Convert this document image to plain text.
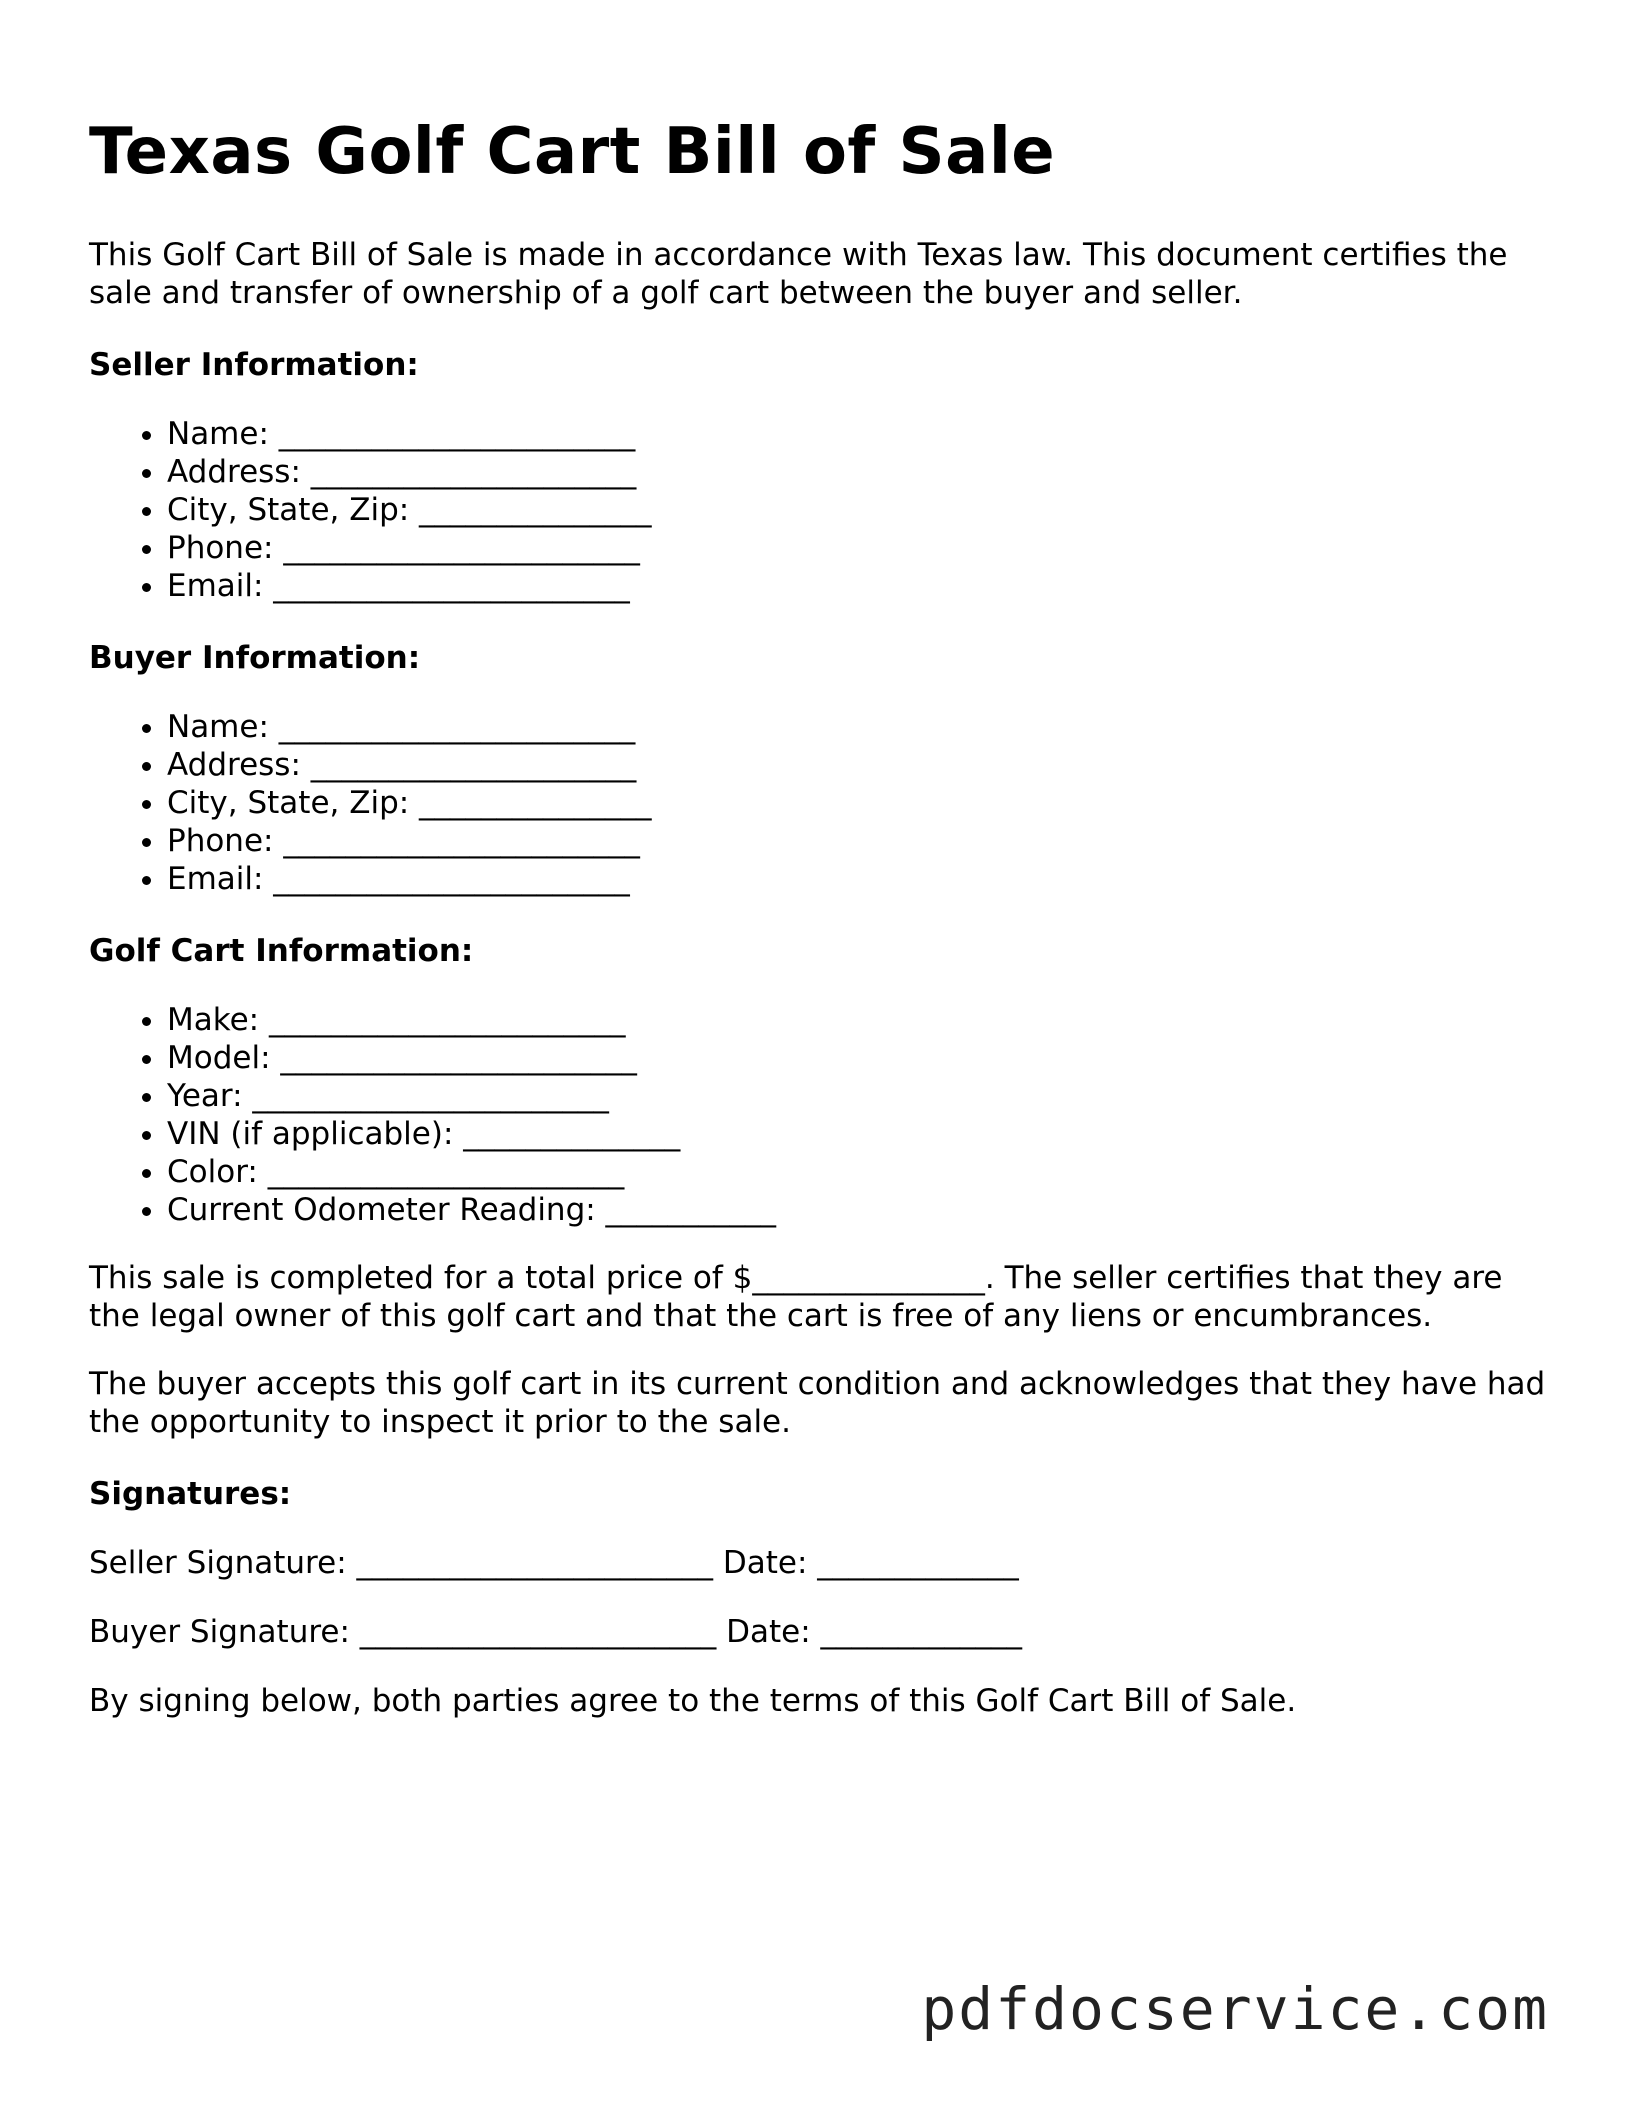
Texas Golf Cart Bill of Sale

This Golf Cart Bill of Sale is made in accordance with Texas law. This document certifies the sale and transfer of ownership of a golf cart between the buyer and seller.

Seller Information:
• Name: _______________________
• Address: _____________________
• City, State, Zip: _______________
• Phone: _______________________
• Email: _______________________
Buyer Information:
• Name: _______________________
• Address: _____________________
• City, State, Zip: _______________
• Phone: _______________________
• Email: _______________________
Golf Cart Information:
• Make: _______________________
• Model: _______________________
• Year: _______________________
• VIN (if applicable): ______________
• Color: _______________________
• Current Odometer Reading: ___________

This sale is completed for a total price of $_______________. The seller certifies that they are the legal owner of this golf cart and that the cart is free of any liens or encumbrances.

The buyer accepts this golf cart in its current condition and acknowledges that they have had the opportunity to inspect it prior to the sale.

Signatures:
Seller Signature: _______________________ Date: _____________
Buyer Signature: _______________________ Date: _____________
By signing below, both parties agree to the terms of this Golf Cart Bill of Sale.
pdfdocservice.com
